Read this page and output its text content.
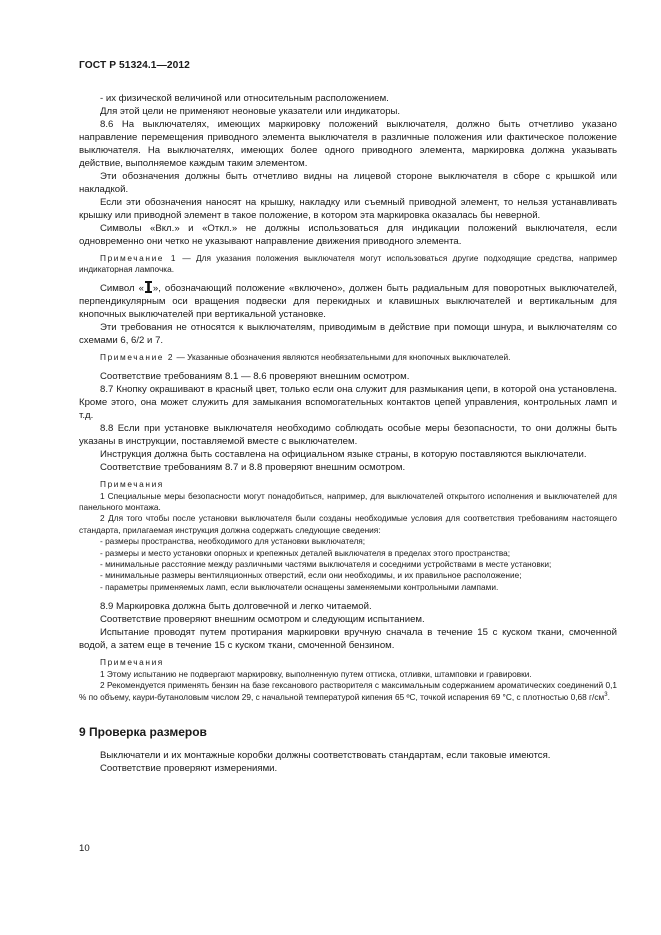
ГОСТ Р 51324.1—2012

- их физической величиной или относительным расположением.

Для этой цели не применяют неоновые указатели или индикаторы.

8.6 На выключателях, имеющих маркировку положений выключателя, должно быть отчетливо указано направление перемещения приводного элемента выключателя в различные положения или фактическое положение выключателя. На выключателях, имеющих более одного приводного элемента, маркировка должна указывать действие, выполняемое каждым таким элементом.

Эти обозначения должны быть отчетливо видны на лицевой стороне выключателя в сборе с крышкой или накладкой.

Если эти обозначения наносят на крышку, накладку или съемный приводной элемент, то нельзя устанавливать крышку или приводной элемент в такое положение, в котором эта маркировка оказалась бы неверной.

Символы «Вкл.» и «Откл.» не должны использоваться для индикации положений выключателя, если одновременно они четко не указывают направление движения приводного элемента.

Примечание 1 — Для указания положения выключателя могут использоваться другие подходящие средства, например индикаторная лампочка.

Символ « », обозначающий положение «включено», должен быть радиальным для поворотных выключателей, перпендикулярным оси вращения подвески для перекидных и клавишных выключателей и вертикальным для кнопочных выключателей при вертикальной установке.

Эти требования не относятся к выключателям, приводимым в действие при помощи шнура, и выключателям со схемами 6, 6/2 и 7.

Примечание 2 — Указанные обозначения являются необязательными для кнопочных выключателей.

Соответствие требованиям 8.1 — 8.6 проверяют внешним осмотром.

8.7 Кнопку окрашивают в красный цвет, только если она служит для размыкания цепи, в которой она установлена. Кроме этого, она может служить для замыкания вспомогательных контактов цепей управления, контрольных ламп и т.д.

8.8 Если при установке выключателя необходимо соблюдать особые меры безопасности, то они должны быть указаны в инструкции, поставляемой вместе с выключателем.

Инструкция должна быть составлена на официальном языке страны, в которую поставляются выключатели.

Соответствие требованиям 8.7 и 8.8 проверяют внешним осмотром.

Примечания

1 Специальные меры безопасности могут понадобиться, например, для выключателей открытого исполнения и выключателей для панельного монтажа.

2 Для того чтобы после установки выключателя были созданы необходимые условия для соответствия требованиям настоящего стандарта, прилагаемая инструкция должна содержать следующие сведения:

- размеры пространства, необходимого для установки выключателя;

- размеры и место установки опорных и крепежных деталей выключателя в пределах этого пространства;

- минимальные расстояние между различными частями выключателя и соседними устройствами в месте установки;

- минимальные размеры вентиляционных отверстий, если они необходимы, и их правильное расположение;

- параметры применяемых ламп, если выключатели оснащены заменяемыми контрольными лампами.

8.9 Маркировка должна быть долговечной и легко читаемой.

Соответствие проверяют внешним осмотром и следующим испытанием.

Испытание проводят путем протирания маркировки вручную сначала в течение 15 с куском ткани, смоченной водой, а затем еще в течение 15 с куском ткани, смоченной бензином.

Примечания

1 Этому испытанию не подвергают маркировку, выполненную путем оттиска, отливки, штамповки и гравировки.

2 Рекомендуется применять бензин на базе гексанового растворителя с максимальным содержанием ароматических соединений 0,1 % по объему, каури-бутаноловым числом 29, с начальной температурой кипения 65 ºС, точкой испарения 69 °С, с плотностью 0,68 $г/см^3$.

9 Проверка размеров

Выключатели и их монтажные коробки должны соответствовать стандартам, если таковые имеются.

Соответствие проверяют измерениями.

10
